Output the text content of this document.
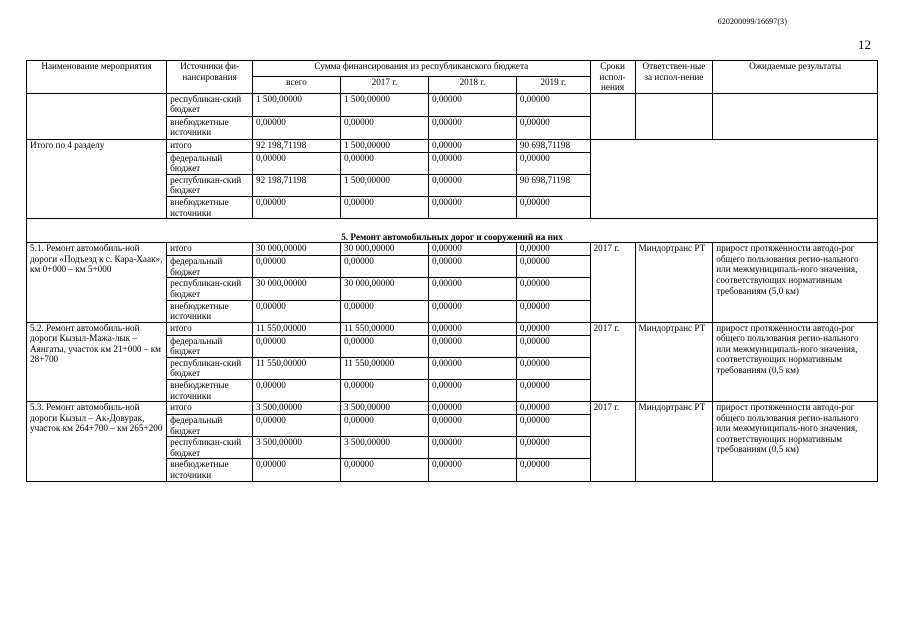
620200099/16697(3)
12
Наименование мероприятия	Источники фи-нансирования	Сумма финансирования из республиканского бюджета				Сроки испол-нения	Ответствен-ные за испол-нение	Ожидаемые результаты
		всего	2017 г.	2018 г.	2019 г.			
	республикан-ский бюджет	1 500,00000	1 500,00000	0,00000	0,00000			
	внебюджетные источники	0,00000	0,00000	0,00000	0,00000			
Итого по 4 разделу	итого	92 198,71198	1 500,00000	0,00000	90 698,71198			
	федеральный бюджет	0,00000	0,00000	0,00000	0,00000			
	республикан-ский бюджет	92 198,71198	1 500,00000	0,00000	90 698,71198			
	внебюджетные источники	0,00000	0,00000	0,00000	0,00000			
5. Ремонт автомобильных дорог и сооружений на них								
5.1. Ремонт автомобиль-ной дороги «Подъезд к с. Кара-Хаак», км 0+000 – км 5+000	итого	30 000,00000	30 000,00000	0,00000	0,00000	2017 г.	Миндортранс РТ	прирост протяженности автодо-рог общего пользования регио-нального или межмуниципаль-ного значения, соответствующих нормативным требованиям (5,0 км)
	федеральный бюджет	0,00000	0,00000	0,00000	0,00000			
	республикан-ский бюджет	30 000,00000	30 000,00000	0,00000	0,00000			
	внебюджетные источники	0,00000	0,00000	0,00000	0,00000			
5.2. Ремонт автомобиль-ной дороги Кызыл-Мажа-лык – Аянгаты, участок км 21+000 – км 28+700	итого	11 550,00000	11 550,00000	0,00000	0,00000	2017 г.	Миндортранс РТ	прирост протяженности автодо-рог общего пользования регио-нального или межмуниципаль-ного значения, соответствующих нормативным требованиям (0,5 км)
	федеральный бюджет	0,00000	0,00000	0,00000	0,00000			
	республикан-ский бюджет	11 550,00000	11 550,00000	0,00000	0,00000			
	внебюджетные источники	0,00000	0,00000	0,00000	0,00000			
5.3. Ремонт автомобиль-ной дороги Кызыл – Ак-Довурак, участок км 264+700 – км 265+200	итого	3 500,00000	3 500,00000	0,00000	0,00000	2017 г.	Миндортранс РТ	прирост протяженности автодо-рог общего пользования регио-нального или межмуниципаль-ного значения, соответствующих нормативным требованиям (0,5 км)
	федеральный бюджет	0,00000	0,00000	0,00000	0,00000			
	республикан-ский бюджет	3 500,00000	3 500,00000	0,00000	0,00000			
	внебюджетные источники	0,00000	0,00000	0,00000	0,00000			
